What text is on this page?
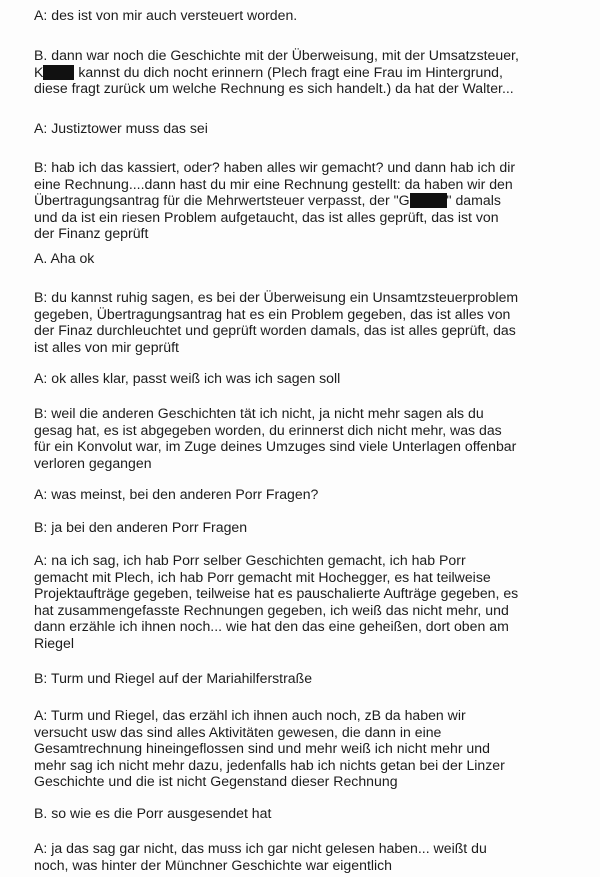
A: des ist von mir auch versteuert worden.
B. dann war noch die Geschichte mit der Überweisung, mit der Umsatzsteuer,
K kannst du dich nocht erinnern (Plech fragt eine Frau im Hintergrund,
diese fragt zurück um welche Rechnung es sich handelt.) da hat der Walter...
A: Justiztower muss das sei
B: hab ich das kassiert, oder? haben alles wir gemacht? und dann hab ich dir
eine Rechnung....dann hast du mir eine Rechnung gestellt: da haben wir den
Übertragungsantrag für die Mehrwertsteuer verpasst, der "G	" damals
und da ist ein riesen Problem aufgetaucht, das ist alles geprüft, das ist von
der Finanz geprüft
A. Aha ok
B: du kannst ruhig sagen, es bei der Überweisung ein Unsamtzsteuerproblem
gegeben, Übertragungsantrag hat es ein Problem gegeben, das ist alles von
der Finaz durchleuchtet und geprüft worden damals, das ist alles geprüft, das
ist alles von mir geprüft
A: ok alles klar, passt weiß ich was ich sagen soll
B: weil die anderen Geschichten tät ich nicht, ja nicht mehr sagen als du
gesag hat, es ist abgegeben worden, du erinnerst dich nicht mehr, was das
für ein Konvolut war, im Zuge deines Umzuges sind viele Unterlagen offenbar
verloren gegangen
A: was meinst, bei den anderen Porr Fragen?
B: ja bei den anderen Porr Fragen
A: na ich sag, ich hab Porr selber Geschichten gemacht, ich hab Porr
gemacht mit Plech, ich hab Porr gemacht mit Hochegger, es hat teilweise
Projektaufträge gegeben, teilweise hat es pauschalierte Aufträge gegeben, es
hat zusammengefasste Rechnungen gegeben, ich weiß das nicht mehr, und
dann erzähle ich ihnen noch... wie hat den das eine geheißen, dort oben am
Riegel
B: Turm und Riegel auf der Mariahilferstraße
A: Turm und Riegel, das erzähl ich ihnen auch noch, zB da haben wir
versucht usw das sind alles Aktivitäten gewesen, die dann in eine
Gesamtrechnung hineingeflossen sind und mehr weiß ich nicht mehr und
mehr sag ich nicht mehr dazu, jedenfalls hab ich nichts getan bei der Linzer
Geschichte und die ist nicht Gegenstand dieser Rechnung
B. so wie es die Porr ausgesendet hat
A: ja das sag gar nicht, das muss ich gar nicht gelesen haben... weißt du
noch, was hinter der Münchner Geschichte war eigentlich
